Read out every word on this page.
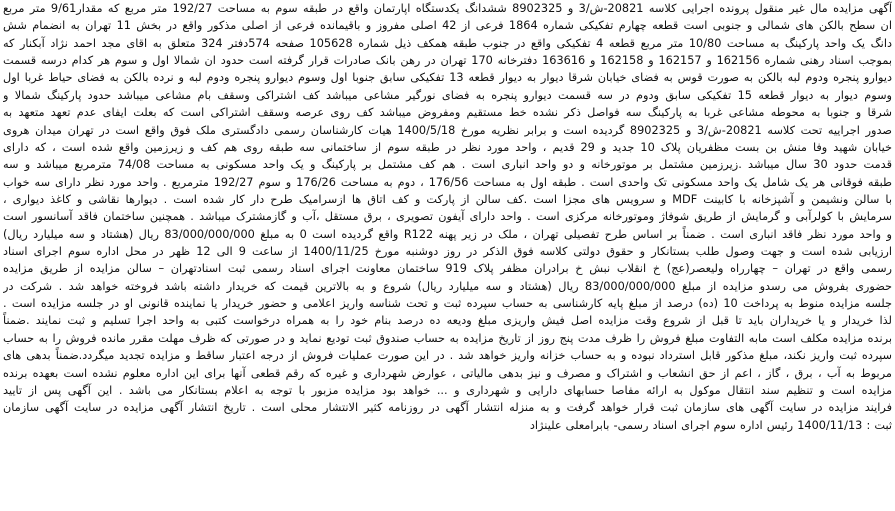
آگهی مزایده مال غیر منقول پرونده اجرایی کلاسه 20821-ش/3 و 8902325 ششدانگ یکدستگاه اپارتمان واقع در طبقه سوم به مساحت 192/27 متر مربع که مقدار9/61 متر مربع
ان سطح بالکن های شمالی و جنوبی است قطعه چهارم تفکیکی شماره 1864 فرعی از 42 اصلی مفروز و باقیمانده فرعی از اصلی مذکور واقع در بخش 11 تهران به انضمام شش
دانگ یک واحد پارکینگ به مساحت 10/80 متر مربع قطعه 4 تفکیکی واقع در جنوب طبقه همکف ذیل شماره 105628 صفحه 574دفتر 324 متعلق به اقای مجد احمد نژاد آبکنار که
بموجب اسناد رهنی شماره 162156 و 162157 و 162158 و 163616 دفترخانه 170 تهران در رهن بانک صادرات قرار گرفته است حدود ان شمالا اول و سوم هر کدام درسه قسمت
دیوارو پنجره ودوم لبه بالکن به صورت قوس به فضای خیابان شرقا دیوار به دیوار قطعه 13 تفکیکی سابق جنوبا اول وسوم دیوارو پنجره ودوم لبه و نرده بالکن به فضای حیاط غربا اول
وسوم دیوار به دیوار قطعه 15 تفکیکی سابق ودوم در سه قسمت دیوارو پنجره به فضای نورگیر مشاعی میباشد کف اشتراکی وسقف بام مشاعی میباشد حدود پارکینگ شمالا و
شرقا و جنوبا به محوطه مشاعی غربا به پارکینگ سه فواصل ذکر نشده خط مستقیم ومفروض میباشد کف روی عرصه وسقف اشتراکی است که بعلت ایفای عدم تعهد متعهد به
صدور اجراییه تحت کلاسه 20821-ش/3 و 8902325 گردیده است و برابر نظریه مورخ 1400/5/18 هیات کارشناسان رسمی دادگستری ملک فوق واقع است در تهران میدان هروی
خیابان شهید وفا منش بن بست مظفریان پلاک 10 جدید و 29 قدیم ، واحد مورد نظر در طبقه سوم از ساختمانی سه طبقه روی هم کف و زیرزمین واقع شده است ، که دارای
قدمت حدود 30 سال میباشد .زیرزمین مشتمل بر موتورخانه و دو واحد انباری است . هم کف مشتمل بر پارکینگ و یک واحد مسکونی به مساحت 74/08 مترمربع میباشد و سه
طبقه فوقانی هر یک شامل یک واحد مسکونی تک واحدی است . طبقه اول به مساحت 176/56 ، دوم به مساحت 176/26 و سوم 192/27 مترمربع . واحد مورد نظر دارای سه خواب
با سالن ونشیمن و آشپزخانه با کابینت MDF و سرویس های مجزا است .کف سالن از پارکت و کف اتاق ها ازسرامیک طرح دار کار شده است . دیوارها نقاشی و کاغذ دیواری ،
سرمایش با کولرآبی و گرمایش از طریق شوفاژ وموتورخانه مرکزی است . واحد دارای آیفون تصویری ، برق مستقل ،آب و گازمشترک میباشد . همچنین ساختمان فاقد آسانسور است
و واحد مورد نظر فاقد انباری است . ضمناً بر اساس طرح تفصیلی تهران ، ملک در زیر پهنه R122 واقع گردیده است 0 به مبلغ 83/000/000/000 ریال (هشتاد و سه میلیارد ریال)
ارزیابی شده است و جهت وصول طلب بستانکار و حقوق دولتی کلاسه فوق الذکر در روز دوشنبه مورخ 1400/11/25 از ساعت 9 الی 12 ظهر در محل اداره سوم اجرای اسناد
رسمی واقع در تهران – چهارراه ولیعصر(عج) خ انقلاب نبش خ برادران مظفر پلاک 919 ساختمان معاونت اجرای اسناد رسمی ثبت اسنادتهران – سالن مزایده از طریق مزایده
حضوری بفروش می رسدو مزایده از مبلغ 83/000/000/000 ریال (هشتاد و سه میلیارد ریال) شروع و به بالاترین قیمت که خریدار داشته باشد فروخته خواهد شد . شرکت در
جلسه مزایده منوط به پرداخت 10 (ده) درصد از مبلغ پایه کارشناسی به حساب سپرده ثبت و تحت شناسه واریز اعلامی و حضور خریدار یا نماینده قانونی او در جلسه مزایده است .
لذا خریدار و یا خریداران باید تا قبل از شروع وقت مزایده اصل فیش واریزی مبلغ ودیعه ده درصد بنام خود را به همراه درخواست کتبی به واحد اجرا تسلیم و ثبت نمایند .ضمناً
برنده مزایده مکلف است مابه التفاوت مبلغ فروش را ظرف مدت پنج روز از تاریخ مزایده به حساب صندوق ثبت تودیع نماید و در صورتی که ظرف مهلت مقرر مانده فروش را به حساب
سپرده ثبت واریز نکند، مبلغ مذکور قابل استرداد نبوده و به حساب خزانه واریز خواهد شد . در این صورت عملیات فروش از درجه اعتبار ساقط و مزایده تجدید میگردد.ضمناً بدهی های
مربوط به آب ، برق ، گاز ، اعم از حق انشعاب و اشتراک و مصرف و نیز بدهی مالیاتی ، عوارض شهرداری و غیره که رقم قطعی آنها برای این اداره معلوم نشده است بعهده برنده
مزایده است و تنظیم سند انتقال موکول به ارائه مفاصا حسابهای دارایی و شهرداری و ... خواهد بود مزایده مزبور با توجه به اعلام بستانکار می باشد . این آگهی پس از تایید
فرایند مزایده در سایت آگهی های سازمان ثبت قرار خواهد گرفت و به منزله انتشار آگهی در روزنامه کثیر الانتشار محلی است . تاریخ انتشار آگهی مزایده در سایت آگهی سازمان
ثبت : 1400/11/13 رئیس اداره سوم اجرای اسناد رسمی- بابرامعلی علینژاد
